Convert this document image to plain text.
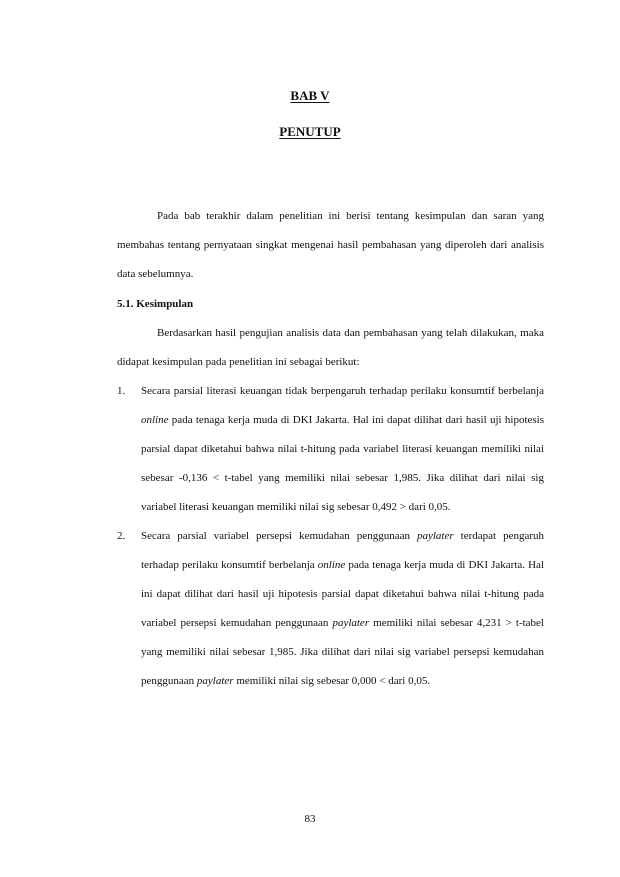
BAB V
PENUTUP

Pada bab terakhir dalam penelitian ini berisi tentang kesimpulan dan saran yang membahas tentang pernyataan singkat mengenai hasil pembahasan yang diperoleh dari analisis data sebelumnya.

5.1. Kesimpulan

Berdasarkan hasil pengujian analisis data dan pembahasan yang telah dilakukan, maka didapat kesimpulan pada penelitian ini sebagai berikut:

1. Secara parsial literasi keuangan tidak berpengaruh terhadap perilaku konsumtif berbelanja online pada tenaga kerja muda di DKI Jakarta. Hal ini dapat dilihat dari hasil uji hipotesis parsial dapat diketahui bahwa nilai t-hitung pada variabel literasi keuangan memiliki nilai sebesar -0,136 < t-tabel yang memiliki nilai sebesar 1,985. Jika dilihat dari nilai sig variabel literasi keuangan memiliki nilai sig sebesar 0,492 > dari 0,05.
2. Secara parsial variabel persepsi kemudahan penggunaan paylater terdapat pengaruh terhadap perilaku konsumtif berbelanja online pada tenaga kerja muda di DKI Jakarta. Hal ini dapat dilihat dari hasil uji hipotesis parsial dapat diketahui bahwa nilai t-hitung pada variabel persepsi kemudahan penggunaan paylater memiliki nilai sebesar 4,231 > t-tabel yang memiliki nilai sebesar 1,985. Jika dilihat dari nilai sig variabel persepsi kemudahan penggunaan paylater memiliki nilai sig sebesar 0,000 < dari 0,05.
83
